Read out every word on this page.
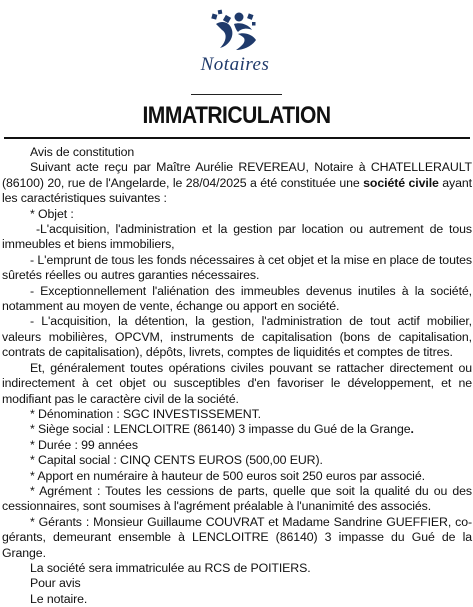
Notaires
IMMATRICULATION

Avis de constitution

Suivant acte reçu par Maître Aurélie REVEREAU, Notaire à CHATELLERAULT (86100) 20, rue de l'Angelarde, le 28/04/2025 a été constituée une société civile ayant les caractéristiques suivantes :

* Objet :

-L'acquisition, l'administration et la gestion par location ou autrement de tous immeubles et biens immobiliers,

- L'emprunt de tous les fonds nécessaires à cet objet et la mise en place de toutes sûretés réelles ou autres garanties nécessaires.

- Exceptionnellement l'aliénation des immeubles devenus inutiles à la société, notamment au moyen de vente, échange ou apport en société.

- L'acquisition, la détention, la gestion, l'administration de tout actif mobilier, valeurs mobilières, OPCVM, instruments de capitalisation (bons de capitalisation, contrats de capitalisation), dépôts, livrets, comptes de liquidités et comptes de titres.

Et, généralement toutes opérations civiles pouvant se rattacher directement ou indirectement à cet objet ou susceptibles d'en favoriser le développement, et ne modifiant pas le caractère civil de la société.

* Dénomination : SGC INVESTISSEMENT.

* Siège social : LENCLOITRE (86140) 3 impasse du Gué de la Grange.

* Durée : 99 années

* Capital social : CINQ CENTS EUROS (500,00 EUR).

* Apport en numéraire à hauteur de 500 euros soit 250 euros par associé.

* Agrément : Toutes les cessions de parts, quelle que soit la qualité du ou des cessionnaires, sont soumises à l'agrément préalable à l'unanimité des associés.

* Gérants : Monsieur Guillaume COUVRAT et Madame Sandrine GUEFFIER, co-gérants, demeurant ensemble à LENCLOITRE (86140) 3 impasse du Gué de la Grange.

La société sera immatriculée au RCS de POITIERS.

Pour avis

Le notaire.
